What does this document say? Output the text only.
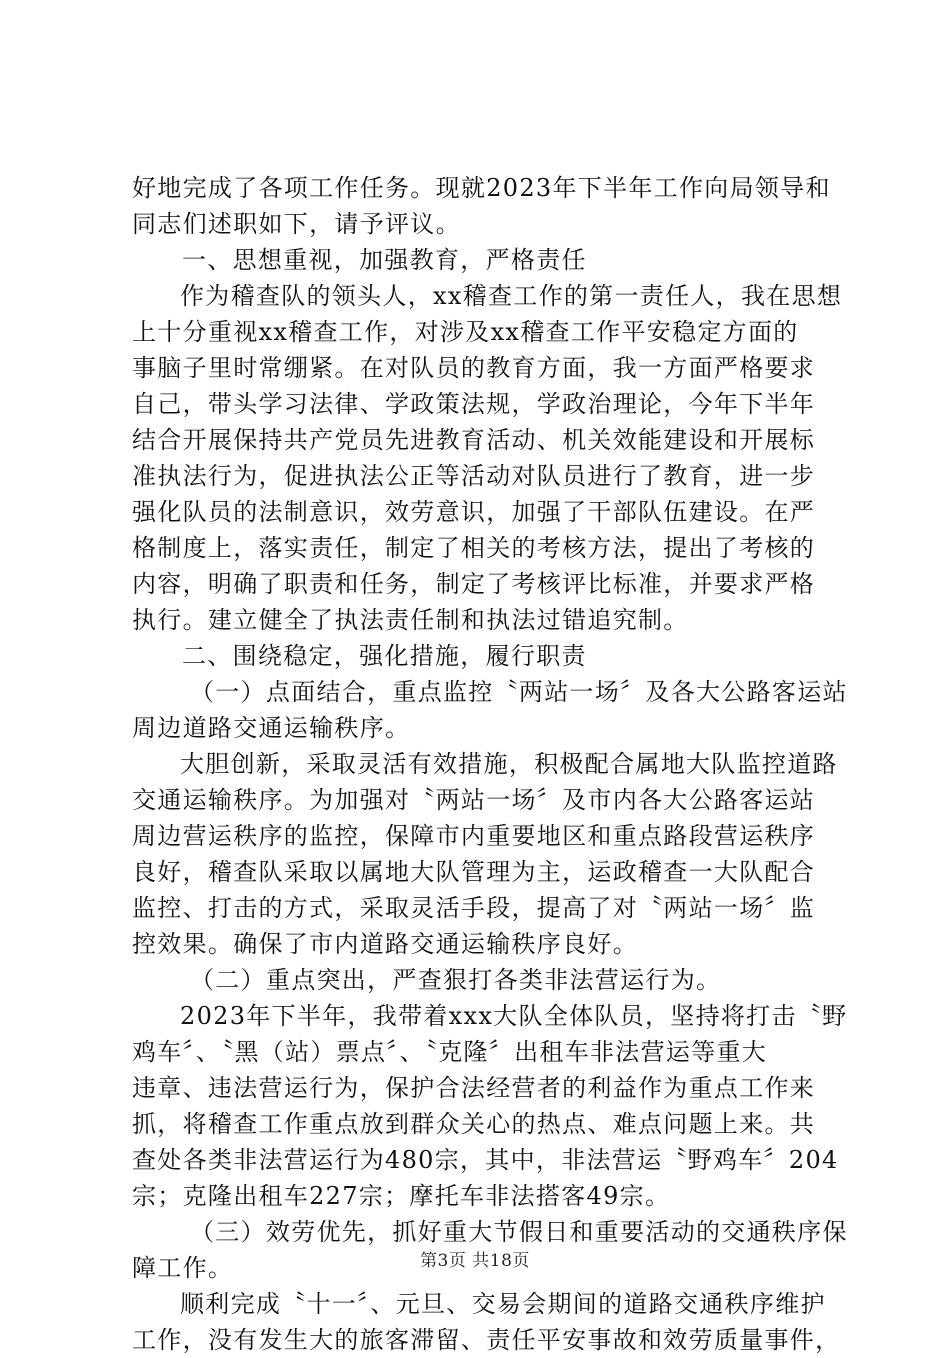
好地完成了各项工作任务。现就2023年下半年工作向局领导和
同志们述职如下，请予评议。
一、思想重视，加强教育，严格责任
作为稽查队的领头人，xx稽查工作的第一责任人，我在思想
上十分重视xx稽查工作，对涉及xx稽查工作平安稳定方面的
事脑子里时常绷紧。在对队员的教育方面，我一方面严格要求
自己，带头学习法律、学政策法规，学政治理论，今年下半年
结合开展保持共产党员先进教育活动、机关效能建设和开展标
准执法行为，促进执法公正等活动对队员进行了教育，进一步
强化队员的法制意识，效劳意识，加强了干部队伍建设。在严
格制度上，落实责任，制定了相关的考核方法，提出了考核的
内容，明确了职责和任务，制定了考核评比标准，并要求严格
执行。建立健全了执法责任制和执法过错追究制。
二、围绕稳定，强化措施，履行职责
（一）点面结合，重点监控〝两站一场〞及各大公路客运站
周边道路交通运输秩序。
大胆创新，采取灵活有效措施，积极配合属地大队监控道路
交通运输秩序。为加强对〝两站一场〞及市内各大公路客运站
周边营运秩序的监控，保障市内重要地区和重点路段营运秩序
良好，稽查队采取以属地大队管理为主，运政稽查一大队配合
监控、打击的方式，采取灵活手段，提高了对〝两站一场〞监
控效果。确保了市内道路交通运输秩序良好。
（二）重点突出，严查狠打各类非法营运行为。
2023年下半年，我带着xxx大队全体队员，坚持将打击〝野
鸡车〞、〝黑（站）票点〞、〝克隆〞出租车非法营运等重大
违章、违法营运行为，保护合法经营者的利益作为重点工作来
抓，将稽查工作重点放到群众关心的热点、难点问题上来。共
查处各类非法营运行为480宗，其中，非法营运〝野鸡车〞204
宗；克隆出租车227宗；摩托车非法搭客49宗。
（三）效劳优先，抓好重大节假日和重要活动的交通秩序保
障工作。
顺利完成〝十一〞、元旦、交易会期间的道路交通秩序维护
工作，没有发生大的旅客滞留、责任平安事故和效劳质量事件，
第3页 共18页
